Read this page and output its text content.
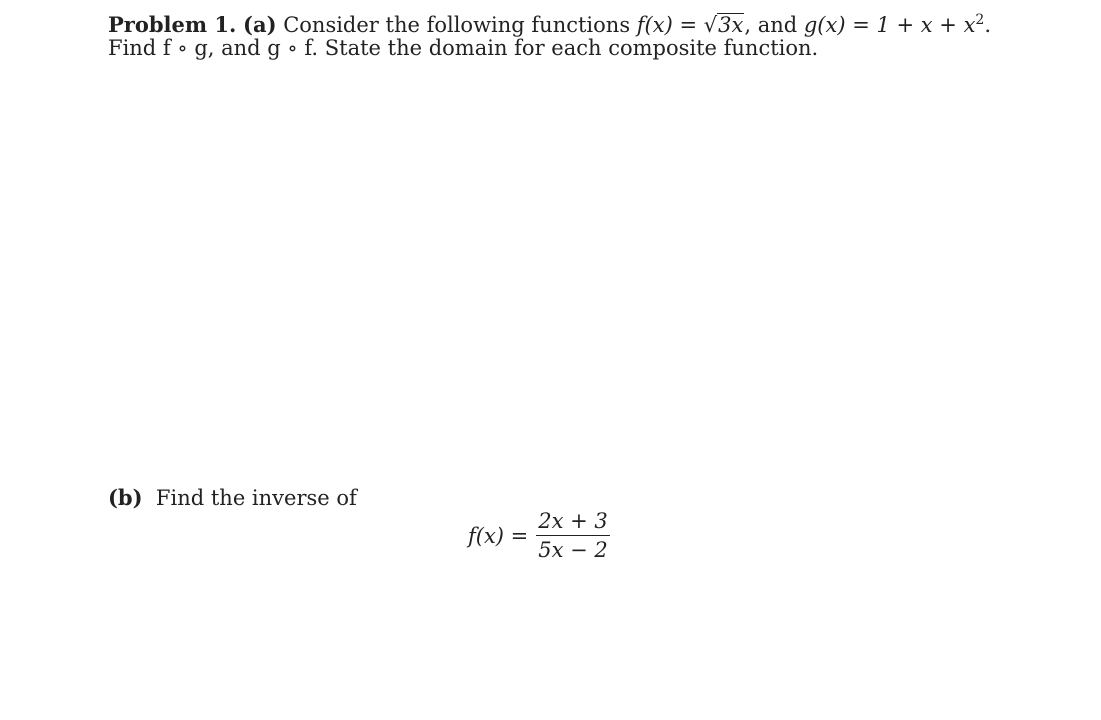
Problem 1. (a) Consider the following functions f(x) = √3x, and $g(x) = 1 + x + x^2$.
Find f ∘ g, and g ∘ f. State the domain for each composite function.
(b) Find the inverse of
$f(x) = \frac{2x + 3}{5x - 2}$
